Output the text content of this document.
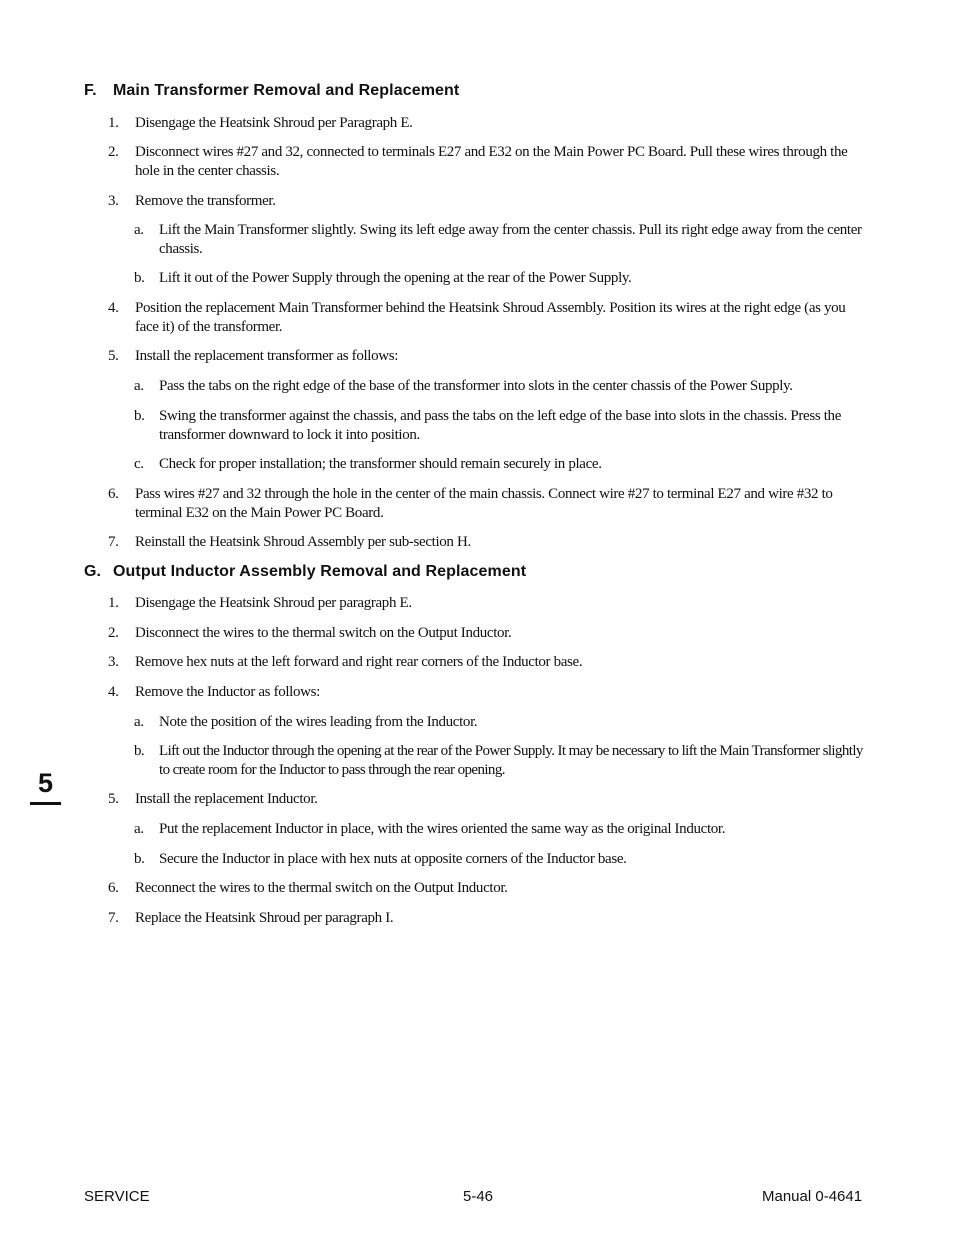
F. Main Transformer Removal and Replacement
1. Disengage the Heatsink Shroud per Paragraph E.
2. Disconnect wires #27 and 32, connected to terminals E27 and E32 on the Main Power PC Board. Pull these wires through the hole in the center chassis.
3. Remove the transformer.
a. Lift the Main Transformer slightly. Swing its left edge away from the center chassis. Pull its right edge away from the center chassis.
b. Lift it out of the Power Supply through the opening at the rear of the Power Supply.
4. Position the replacement Main Transformer behind the Heatsink Shroud Assembly. Position its wires at the right edge (as you face it) of the transformer.
5. Install the replacement transformer as follows:
a. Pass the tabs on the right edge of the base of the transformer into slots in the center chassis of the Power Supply.
b. Swing the transformer against the chassis, and pass the tabs on the left edge of the base into slots in the chassis. Press the transformer downward to lock it into position.
c. Check for proper installation; the transformer should remain securely in place.
6. Pass wires #27 and 32 through the hole in the center of the main chassis. Connect wire #27 to terminal E27 and wire #32 to terminal E32 on the Main Power PC Board.
7. Reinstall the Heatsink Shroud Assembly per sub-section H.
G. Output Inductor Assembly Removal and Replacement
1. Disengage the Heatsink Shroud per paragraph E.
2. Disconnect the wires to the thermal switch on the Output Inductor.
3. Remove hex nuts at the left forward and right rear corners of the Inductor base.
4. Remove the Inductor as follows:
a. Note the position of the wires leading from the Inductor.
b. Lift out the Inductor through the opening at the rear of the Power Supply. It may be necessary to lift the Main Transformer slightly to create room for the Inductor to pass through the rear opening.
5. Install the replacement Inductor.
a. Put the replacement Inductor in place, with the wires oriented the same way as the original Inductor.
b. Secure the Inductor in place with hex nuts at opposite corners of the Inductor base.
6. Reconnect the wires to the thermal switch on the Output Inductor.
7. Replace the Heatsink Shroud per paragraph I.
5
SERVICE	5-46	Manual 0-4641
